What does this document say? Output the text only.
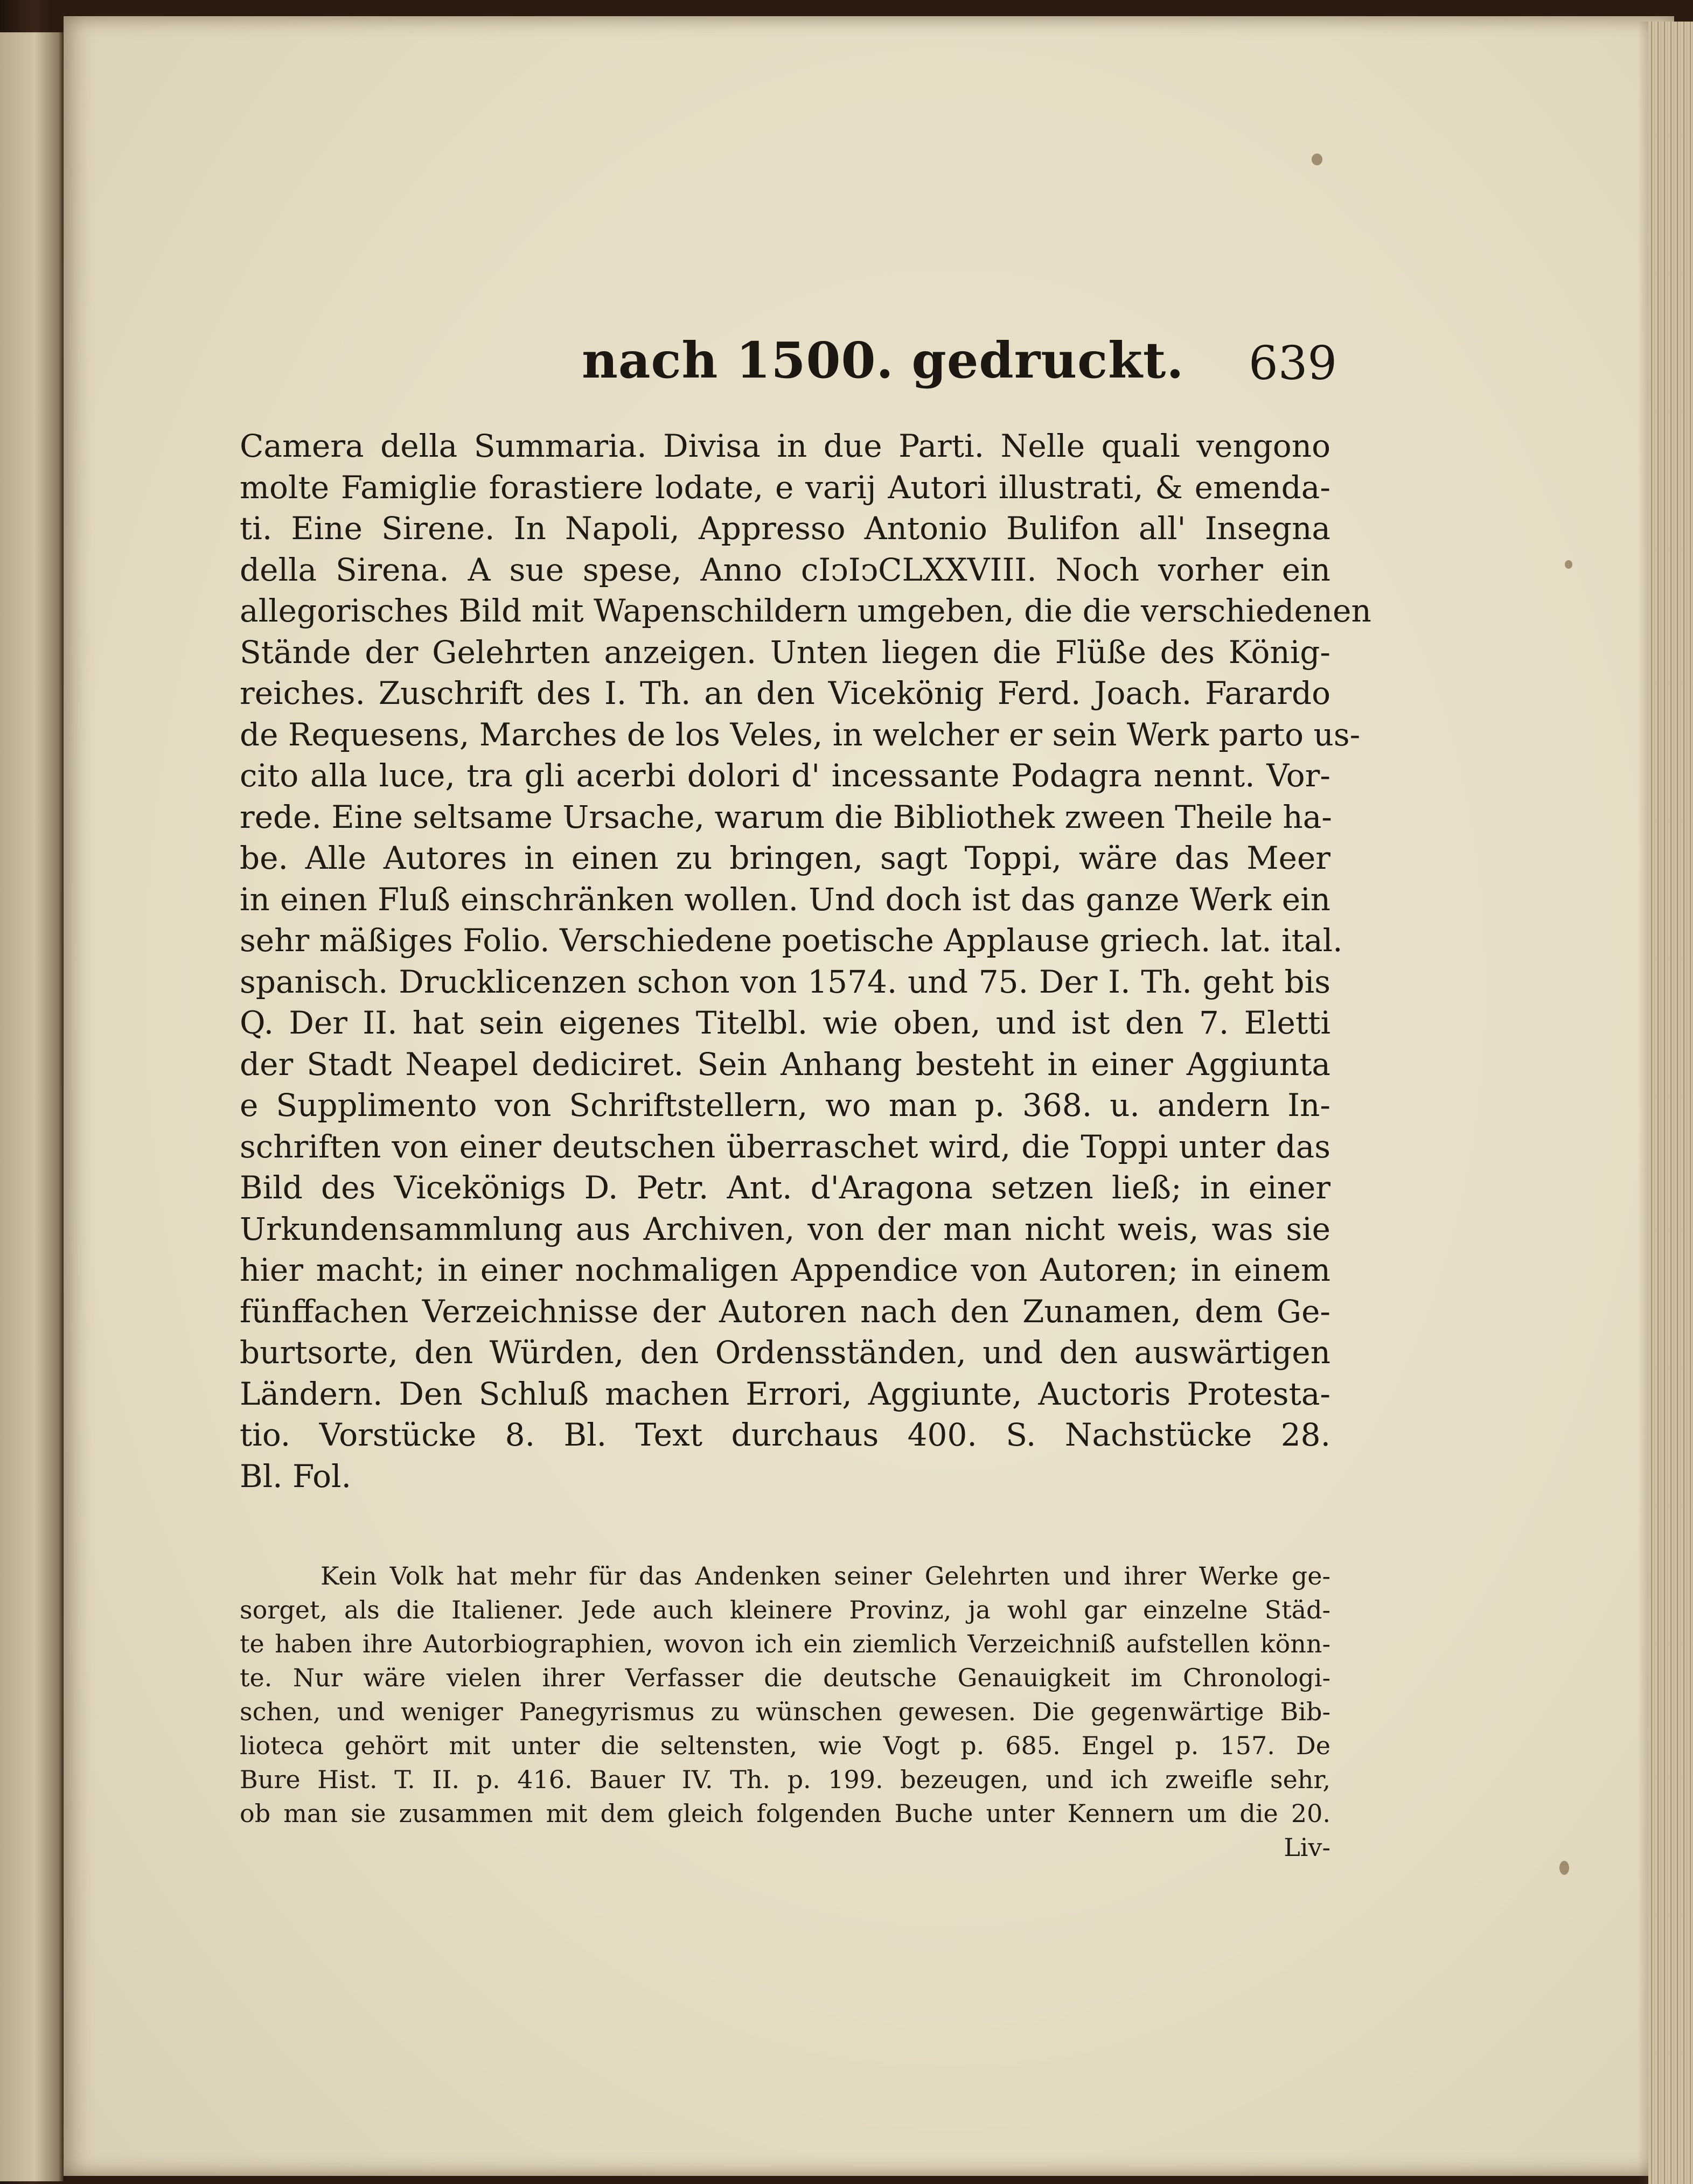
nach 1500. gedruckt. 639
Camera della Summaria. Divisa in due Parti. Nelle quali vengono
molte Famiglie forastiere lodate, e varij Autori illustrati, & emenda-
ti. Eine Sirene. In Napoli, Appresso Antonio Bulifon all' Insegna
della Sirena. A sue spese, Anno cIↄIↄCLXXVIII. Noch vorher ein
allegorisches Bild mit Wapenschildern umgeben, die die verschiedenen
Stände der Gelehrten anzeigen. Unten liegen die Flüße des König-
reiches. Zuschrift des I. Th. an den Vicekönig Ferd. Joach. Farardo
de Requesens, Marches de los Veles, in welcher er sein Werk parto us-
cito alla luce, tra gli acerbi dolori d' incessante Podagra nennt. Vor-
rede. Eine seltsame Ursache, warum die Bibliothek zween Theile ha-
be. Alle Autores in einen zu bringen, sagt Toppi, wäre das Meer
in einen Fluß einschränken wollen. Und doch ist das ganze Werk ein
sehr mäßiges Folio. Verschiedene poetische Applause griech. lat. ital.
spanisch. Drucklicenzen schon von 1574. und 75. Der I. Th. geht bis
Q. Der II. hat sein eigenes Titelbl. wie oben, und ist den 7. Eletti
der Stadt Neapel dediciret. Sein Anhang besteht in einer Aggiunta
e Supplimento von Schriftstellern, wo man p. 368. u. andern In-
schriften von einer deutschen überraschet wird, die Toppi unter das
Bild des Vicekönigs D. Petr. Ant. d'Aragona setzen ließ; in einer
Urkundensammlung aus Archiven, von der man nicht weis, was sie
hier macht; in einer nochmaligen Appendice von Autoren; in einem
fünffachen Verzeichnisse der Autoren nach den Zunamen, dem Ge-
burtsorte, den Würden, den Ordensständen, und den auswärtigen
Ländern. Den Schluß machen Errori, Aggiunte, Auctoris Protesta-
tio. Vorstücke 8. Bl. Text durchaus 400. S. Nachstücke 28.
Bl. Fol.
Kein Volk hat mehr für das Andenken seiner Gelehrten und ihrer Werke ge-
sorget, als die Italiener. Jede auch kleinere Provinz, ja wohl gar einzelne Städ-
te haben ihre Autorbiographien, wovon ich ein ziemlich Verzeichniß aufstellen könn-
te. Nur wäre vielen ihrer Verfasser die deutsche Genauigkeit im Chronologi-
schen, und weniger Panegyrismus zu wünschen gewesen. Die gegenwärtige Bib-
lioteca gehört mit unter die seltensten, wie Vogt p. 685. Engel p. 157. De
Bure Hist. T. II. p. 416. Bauer IV. Th. p. 199. bezeugen, und ich zweifle sehr,
ob man sie zusammen mit dem gleich folgenden Buche unter Kennern um die 20.
Liv-
